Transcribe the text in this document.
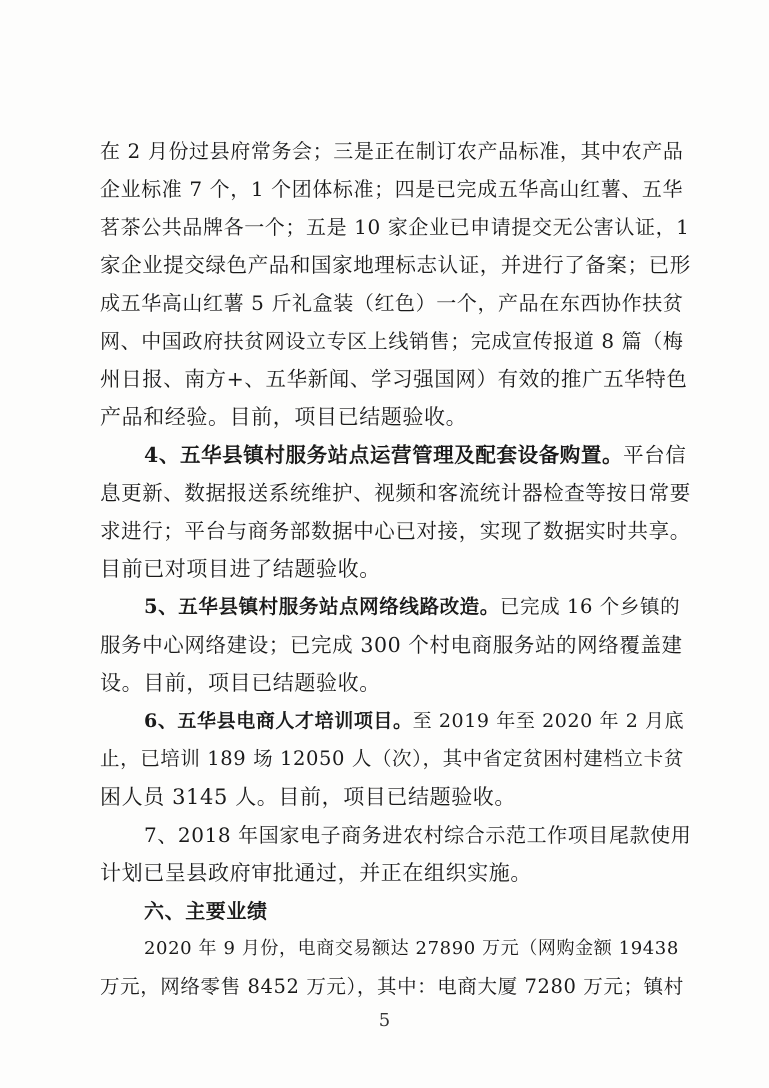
在 2 月份过县府常务会；三是正在制订农产品标准，其中农产品
企业标准 7 个，1 个团体标准；四是已完成五华高山红薯、五华
茗茶公共品牌各一个；五是 10 家企业已申请提交无公害认证，1
家企业提交绿色产品和国家地理标志认证，并进行了备案；已形
成五华高山红薯 5 斤礼盒装（红色）一个，产品在东西协作扶贫
网、中国政府扶贫网设立专区上线销售；完成宣传报道 8 篇（梅
州日报、南方+、五华新闻、学习强国网）有效的推广五华特色
产品和经验。目前，项目已结题验收。
4、五华县镇村服务站点运营管理及配套设备购置。平台信
息更新、数据报送系统维护、视频和客流统计器检查等按日常要
求进行；平台与商务部数据中心已对接，实现了数据实时共享。
目前已对项目进了结题验收。
5、五华县镇村服务站点网络线路改造。已完成 16 个乡镇的
服务中心网络建设；已完成 300 个村电商服务站的网络覆盖建
设。目前，项目已结题验收。
6、五华县电商人才培训项目。至 2019 年至 2020 年 2 月底
止，已培训 189 场 12050 人（次），其中省定贫困村建档立卡贫
困人员 3145 人。目前，项目已结题验收。
7、2018 年国家电子商务进农村综合示范工作项目尾款使用
计划已呈县政府审批通过，并正在组织实施。
六、主要业绩
2020 年 9 月份，电商交易额达 27890 万元（网购金额 19438
万元，网络零售 8452 万元），其中：电商大厦 7280 万元；镇村
5
